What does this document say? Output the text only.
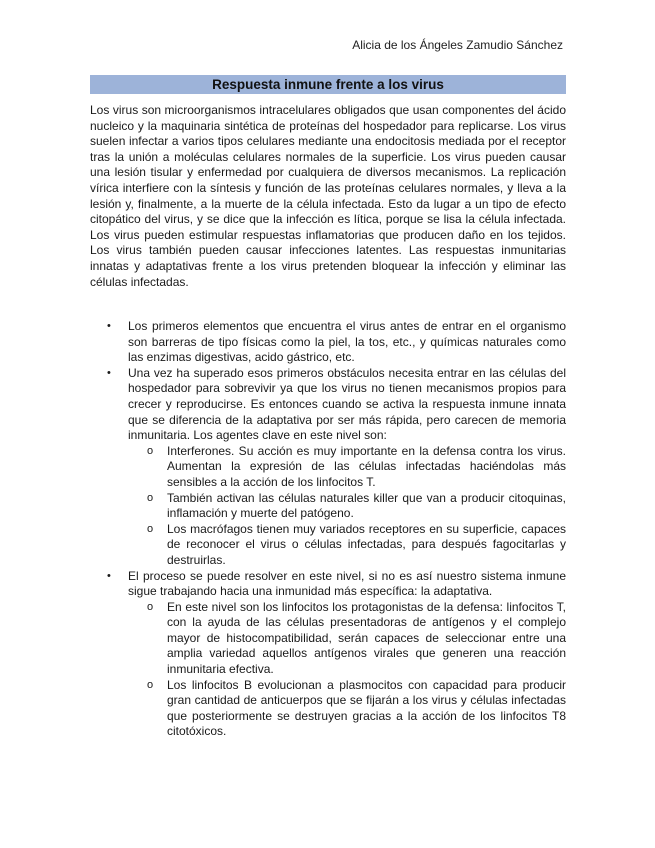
Alicia de los Ángeles Zamudio Sánchez
Respuesta inmune frente a los virus

Los virus son microorganismos intracelulares obligados que usan componentes del ácido nucleico y la maquinaria sintética de proteínas del hospedador para replicarse. Los virus suelen infectar a varios tipos celulares mediante una endocitosis mediada por el receptor tras la unión a moléculas celulares normales de la superficie. Los virus pueden causar una lesión tisular y enfermedad por cualquiera de diversos mecanismos. La replicación vírica interfiere con la síntesis y función de las proteínas celulares normales, y lleva a la lesión y, finalmente, a la muerte de la célula infectada. Esto da lugar a un tipo de efecto citopático del virus, y se dice que la infección es lítica, porque se lisa la célula infectada. Los virus pueden estimular respuestas inflamatorias que producen daño en los tejidos. Los virus también pueden causar infecciones latentes. Las respuestas inmunitarias innatas y adaptativas frente a los virus pretenden bloquear la infección y eliminar las células infectadas.

• Los primeros elementos que encuentra el virus antes de entrar en el organismo son barreras de tipo físicas como la piel, la tos, etc., y químicas naturales como las enzimas digestivas, acido gástrico, etc.

• Una vez ha superado esos primeros obstáculos necesita entrar en las células del hospedador para sobrevivir ya que los virus no tienen mecanismos propios para crecer y reproducirse. Es entonces cuando se activa la respuesta inmune innata que se diferencia de la adaptativa por ser más rápida, pero carecen de memoria inmunitaria. Los agentes clave en este nivel son:

o Interferones. Su acción es muy importante en la defensa contra los virus. Aumentan la expresión de las células infectadas haciéndolas más sensibles a la acción de los linfocitos T.

o También activan las células naturales killer que van a producir citoquinas, inflamación y muerte del patógeno.

o Los macrófagos tienen muy variados receptores en su superficie, capaces de reconocer el virus o células infectadas, para después fagocitarlas y destruirlas.

• El proceso se puede resolver en este nivel, si no es así nuestro sistema inmune sigue trabajando hacia una inmunidad más específica: la adaptativa.

o En este nivel son los linfocitos los protagonistas de la defensa: linfocitos T, con la ayuda de las células presentadoras de antígenos y el complejo mayor de histocompatibilidad, serán capaces de seleccionar entre una amplia variedad aquellos antígenos virales que generen una reacción inmunitaria efectiva.

o Los linfocitos B evolucionan a plasmocitos con capacidad para producir gran cantidad de anticuerpos que se fijarán a los virus y células infectadas que posteriormente se destruyen gracias a la acción de los linfocitos T8 citotóxicos.
